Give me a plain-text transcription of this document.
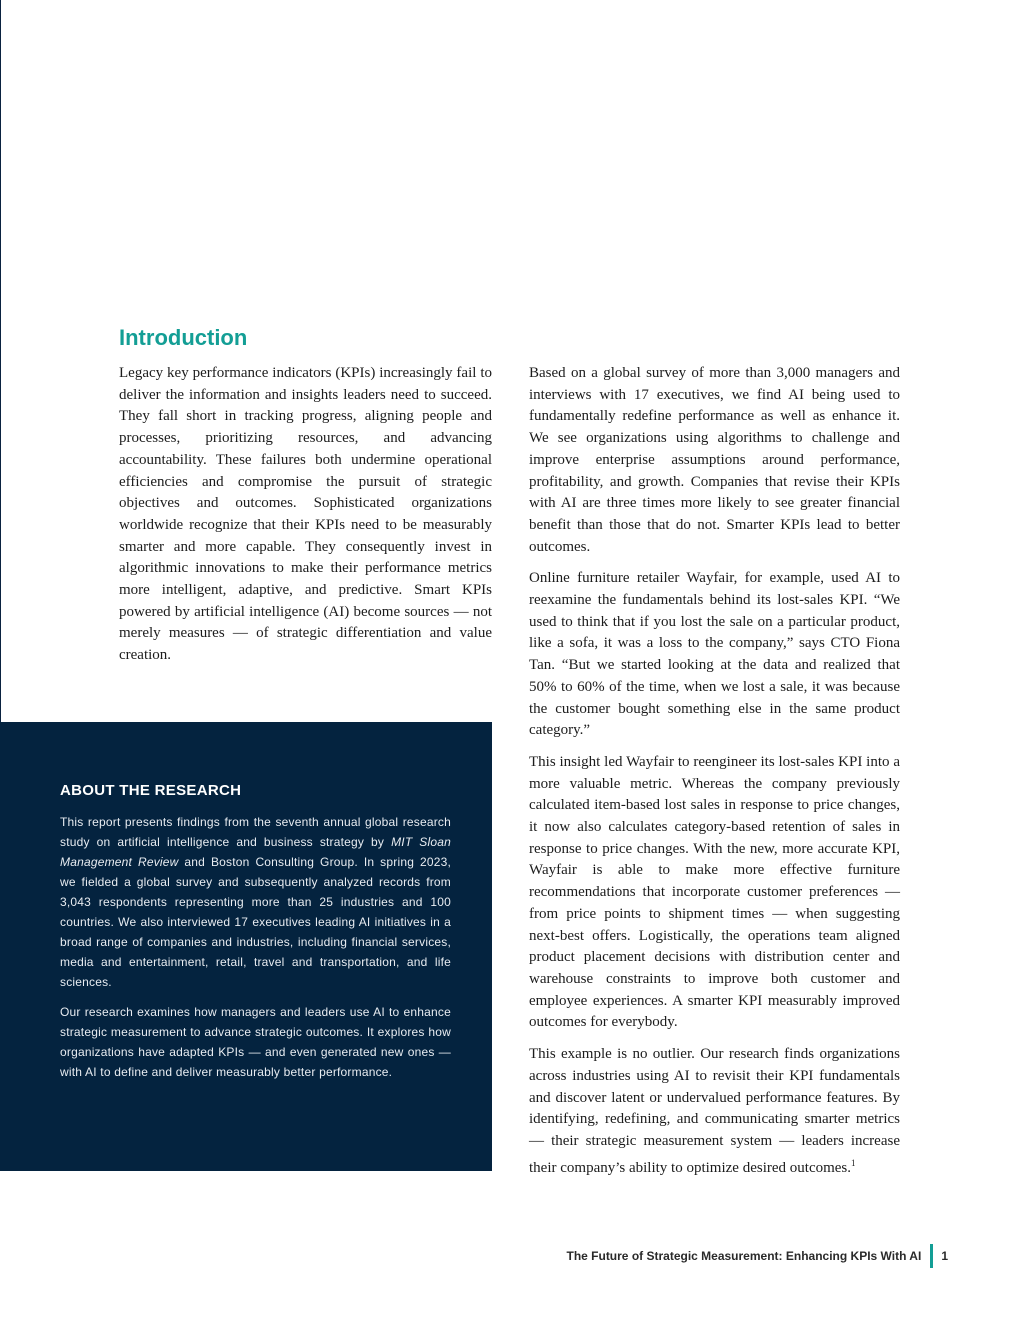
Introduction

Legacy key performance indicators (KPIs) increasingly fail to deliver the information and insights leaders need to succeed. They fall short in tracking progress, aligning people and processes, prioritizing resources, and advancing accountability. These failures both undermine operational efficiencies and compromise the pursuit of strategic objectives and outcomes. Sophisticated organizations worldwide recognize that their KPIs need to be measurably smarter and more capable. They consequently invest in algorithmic innovations to make their performance metrics more intelligent, adaptive, and predictive. Smart KPIs powered by artificial intelligence (AI) become sources — not merely measures — of strategic differentiation and value creation.

Based on a global survey of more than 3,000 managers and interviews with 17 executives, we find AI being used to fundamentally redefine performance as well as enhance it. We see organizations using algorithms to challenge and improve enterprise assumptions around performance, profitability, and growth. Companies that revise their KPIs with AI are three times more likely to see greater financial benefit than those that do not. Smarter KPIs lead to better outcomes.

Online furniture retailer Wayfair, for example, used AI to reexamine the fundamentals behind its lost-sales KPI. “We used to think that if you lost the sale on a particular product, like a sofa, it was a loss to the company,” says CTO Fiona Tan. “But we started looking at the data and realized that 50% to 60% of the time, when we lost a sale, it was because the customer bought something else in the same product category.”

This insight led Wayfair to reengineer its lost-sales KPI into a more valuable metric. Whereas the company previously calculated item-based lost sales in response to price changes, it now also calculates category-based retention of sales in response to price changes. With the new, more accurate KPI, Wayfair is able to make more effective furniture recommendations that incorporate customer preferences — from price points to shipment times — when suggesting next-best offers. Logistically, the operations team aligned product placement decisions with distribution center and warehouse constraints to improve both customer and employee experiences. A smarter KPI measurably improved outcomes for everybody.

This example is no outlier. Our research finds organizations across industries using AI to revisit their KPI fundamentals and discover latent or undervalued performance features. By identifying, redefining, and communicating smarter metrics — their strategic measurement system — leaders increase their company’s ability to optimize desired outcomes.$^1$

ABOUT THE RESEARCH

This report presents findings from the seventh annual global research study on artificial intelligence and business strategy by MIT Sloan Management Review and Boston Consulting Group. In spring 2023, we fielded a global survey and subsequently analyzed records from 3,043 respondents representing more than 25 industries and 100 countries. We also interviewed 17 executives leading AI initiatives in a broad range of companies and industries, including financial services, media and entertainment, retail, travel and transportation, and life sciences.

Our research examines how managers and leaders use AI to enhance strategic measurement to advance strategic outcomes. It explores how organizations have adapted KPIs — and even generated new ones — with AI to define and deliver measurably better performance.

The Future of Strategic Measurement: Enhancing KPIs With AI 1
